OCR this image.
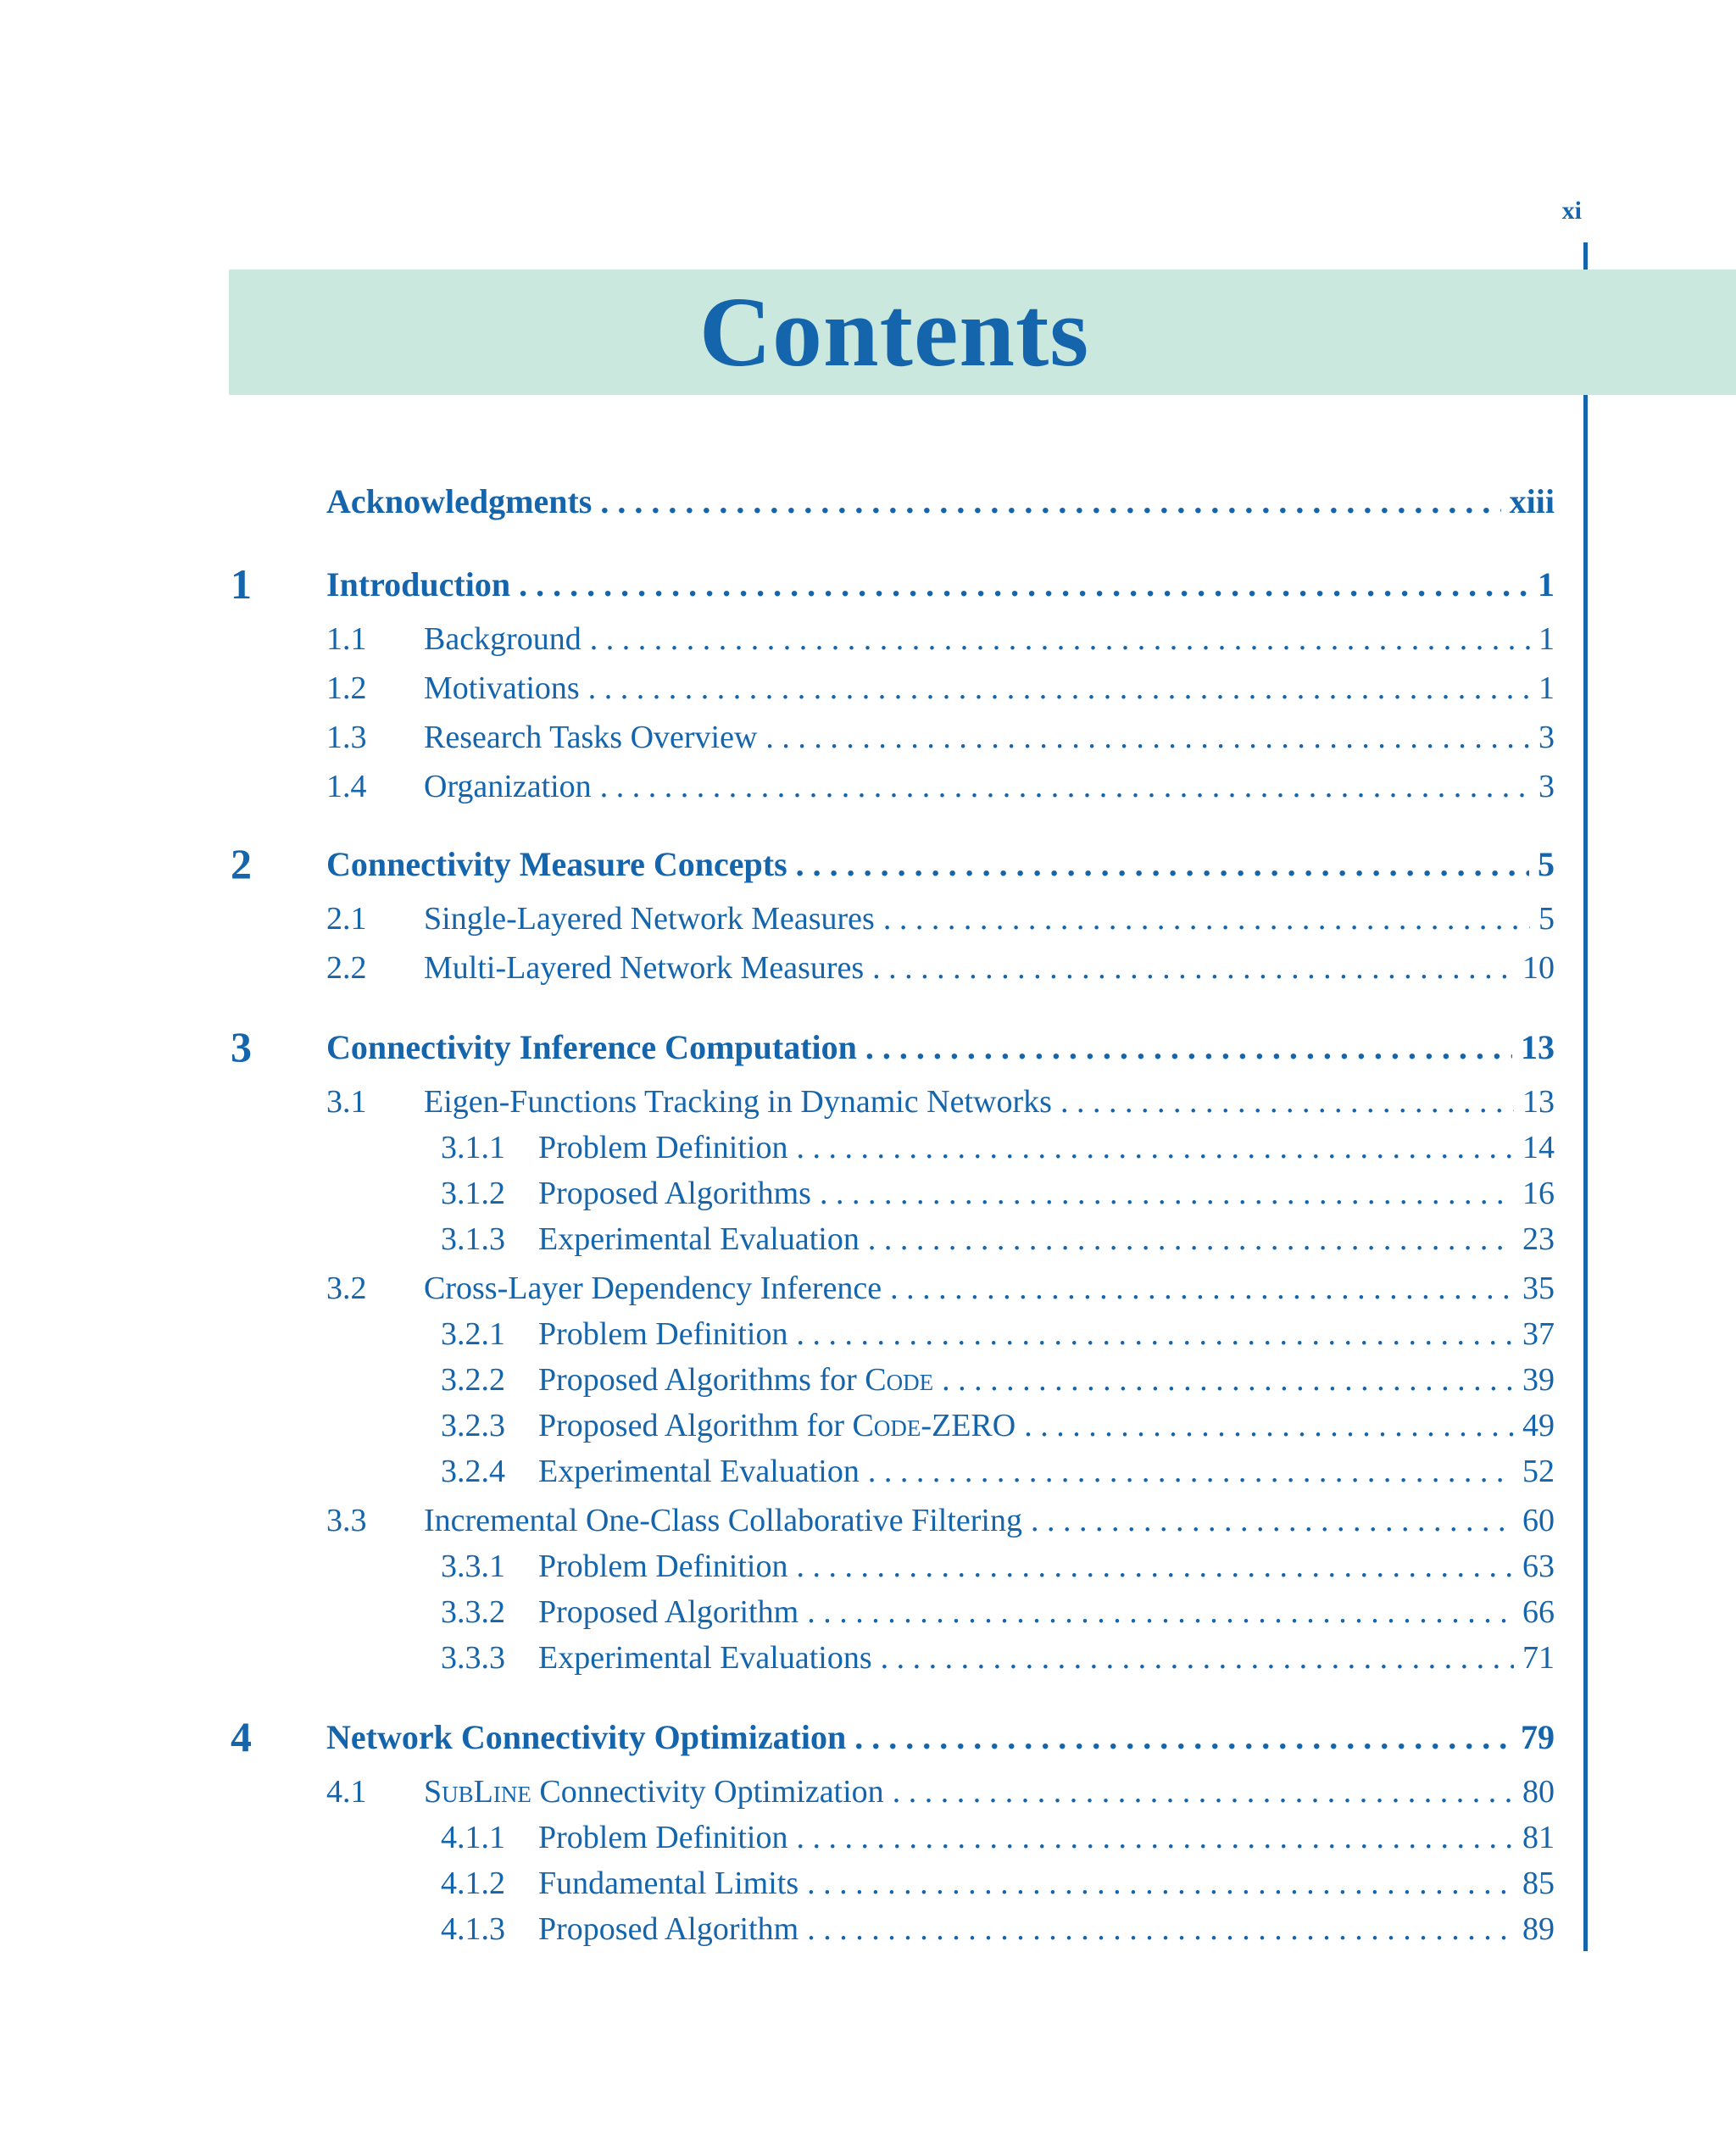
xi
Contents
Acknowledgments . . .	xiii
1 Introduction . . .	1
1.1	Background . . .	1
1.2	Motivations . . .	1
1.3	Research Tasks Overview . . .	3
1.4	Organization . . .	3
2 Connectivity Measure Concepts . . .	5
2.1	Single-Layered Network Measures . . .	5
2.2	Multi-Layered Network Measures . . .	10
3 Connectivity Inference Computation . . .	13
3.1	Eigen-Functions Tracking in Dynamic Networks . . .	13
3.1.1	Problem Definition . . .	14
3.1.2	Proposed Algorithms . . .	16
3.1.3	Experimental Evaluation . . .	23
3.2	Cross-Layer Dependency Inference . . .	35
3.2.1	Problem Definition . . .	37
3.2.2	Proposed Algorithms for Code . . .	39
3.2.3	Proposed Algorithm for Code-ZERO . . .	49
3.2.4	Experimental Evaluation . . .	52
3.3	Incremental One-Class Collaborative Filtering . . .	60
3.3.1	Problem Definition . . .	63
3.3.2	Proposed Algorithm . . .	66
3.3.3	Experimental Evaluations . . .	71
4 Network Connectivity Optimization . . .	79
4.1	SubLine Connectivity Optimization . . .	80
4.1.1	Problem Definition . . .	81
4.1.2	Fundamental Limits . . .	85
4.1.3	Proposed Algorithm . . .	89
